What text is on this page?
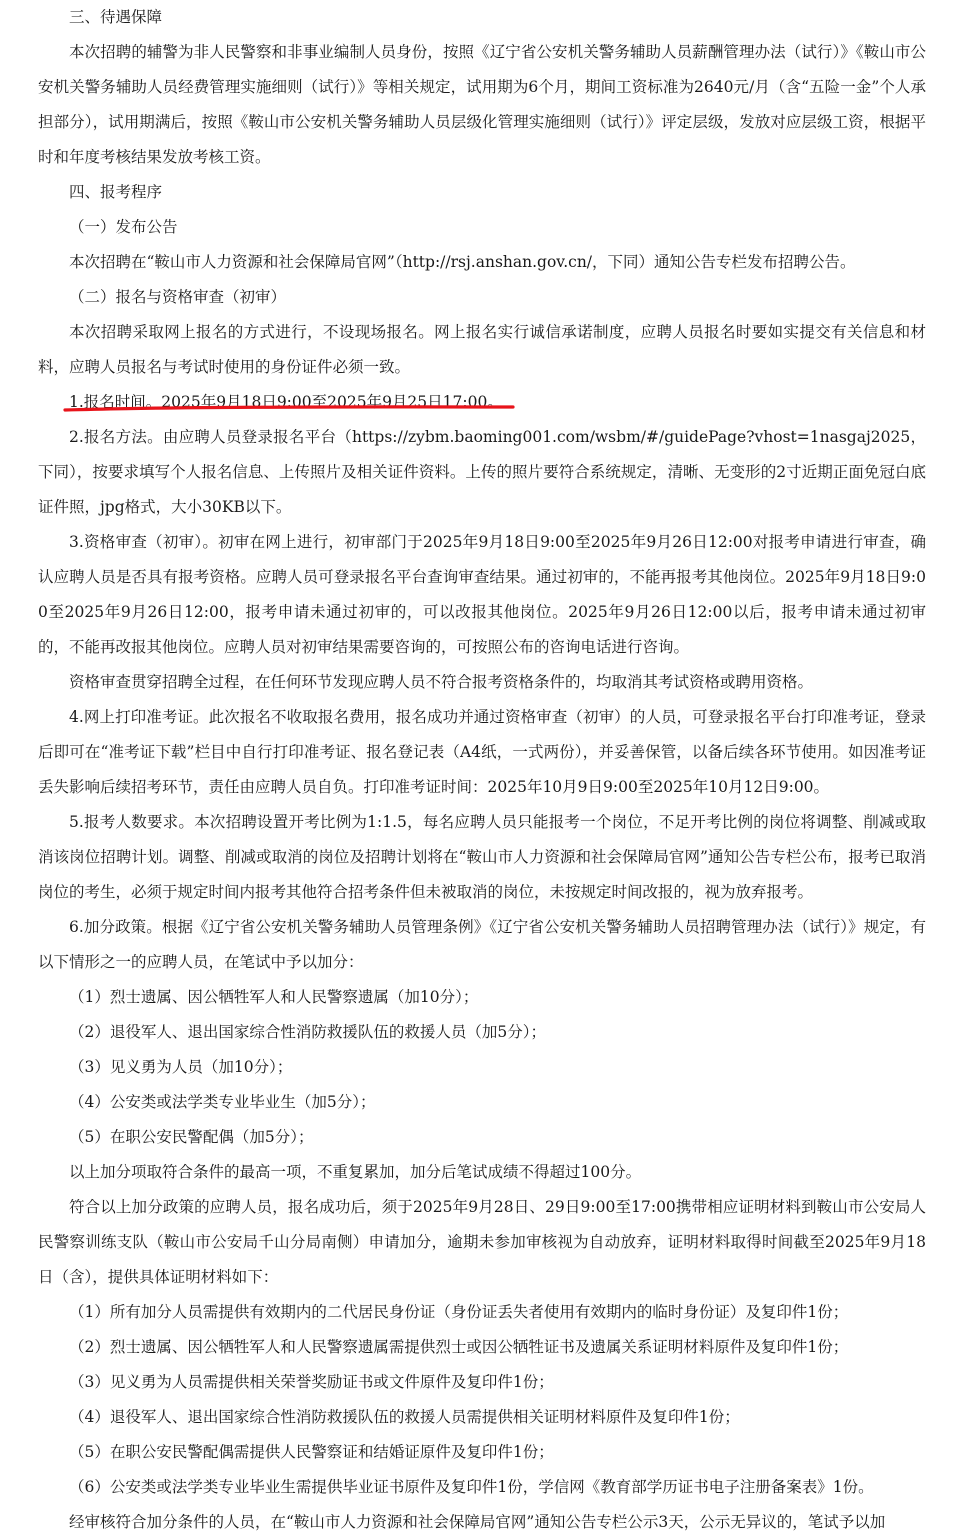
三、待遇保障

本次招聘的辅警为非人民警察和非事业编制人员身份，按照《辽宁省公安机关警务辅助人员薪酬管理办法（试行）》《鞍山市公安机关警务辅助人员经费管理实施细则（试行）》等相关规定，试用期为6个月，期间工资标准为2640元/月（含“五险一金”个人承担部分），试用期满后，按照《鞍山市公安机关警务辅助人员层级化管理实施细则（试行）》评定层级，发放对应层级工资，根据平时和年度考核结果发放考核工资。

四、报考程序

（一）发布公告

本次招聘在“鞍山市人力资源和社会保障局官网”（http://rsj.anshan.gov.cn/，下同）通知公告专栏发布招聘公告。

（二）报名与资格审查（初审）

本次招聘采取网上报名的方式进行，不设现场报名。网上报名实行诚信承诺制度，应聘人员报名时要如实提交有关信息和材料，应聘人员报名与考试时使用的身份证件必须一致。

1.报名时间。2025年9月18日9:00至2025年9月25日17:00。

2.报名方法。由应聘人员登录报名平台（https://zybm.baoming001.com/wsbm/#/guidePage?vhost=1nasgaj2025，下同），按要求填写个人报名信息、上传照片及相关证件资料。上传的照片要符合系统规定，清晰、无变形的2寸近期正面免冠白底证件照，jpg格式，大小30KB以下。

3.资格审查（初审）。初审在网上进行，初审部门于2025年9月18日9:00至2025年9月26日12:00对报考申请进行审查，确认应聘人员是否具有报考资格。应聘人员可登录报名平台查询审查结果。通过初审的，不能再报考其他岗位。2025年9月18日9:00至2025年9月26日12:00，报考申请未通过初审的，可以改报其他岗位。2025年9月26日12:00以后，报考申请未通过初审的，不能再改报其他岗位。应聘人员对初审结果需要咨询的，可按照公布的咨询电话进行咨询。

资格审查贯穿招聘全过程，在任何环节发现应聘人员不符合报考资格条件的，均取消其考试资格或聘用资格。

4.网上打印准考证。此次报名不收取报名费用，报名成功并通过资格审查（初审）的人员，可登录报名平台打印准考证，登录后即可在“准考证下载”栏目中自行打印准考证、报名登记表（A4纸，一式两份），并妥善保管，以备后续各环节使用。如因准考证丢失影响后续招考环节，责任由应聘人员自负。打印准考证时间：2025年10月9日9:00至2025年10月12日9:00。

5.报考人数要求。本次招聘设置开考比例为1:1.5，每名应聘人员只能报考一个岗位，不足开考比例的岗位将调整、削减或取消该岗位招聘计划。调整、削减或取消的岗位及招聘计划将在“鞍山市人力资源和社会保障局官网”通知公告专栏公布，报考已取消岗位的考生，必须于规定时间内报考其他符合招考条件但未被取消的岗位，未按规定时间改报的，视为放弃报考。

6.加分政策。根据《辽宁省公安机关警务辅助人员管理条例》《辽宁省公安机关警务辅助人员招聘管理办法（试行）》规定，有以下情形之一的应聘人员，在笔试中予以加分：

（1）烈士遗属、因公牺牲军人和人民警察遗属（加10分）；

（2）退役军人、退出国家综合性消防救援队伍的救援人员（加5分）；

（3）见义勇为人员（加10分）；

（4）公安类或法学类专业毕业生（加5分）；

（5）在职公安民警配偶（加5分）；

以上加分项取符合条件的最高一项，不重复累加，加分后笔试成绩不得超过100分。

符合以上加分政策的应聘人员，报名成功后，须于2025年9月28日、29日9:00至17:00携带相应证明材料到鞍山市公安局人民警察训练支队（鞍山市公安局千山分局南侧）申请加分，逾期未参加审核视为自动放弃，证明材料取得时间截至2025年9月18日（含），提供具体证明材料如下：

（1）所有加分人员需提供有效期内的二代居民身份证（身份证丢失者使用有效期内的临时身份证）及复印件1份；

（2）烈士遗属、因公牺牲军人和人民警察遗属需提供烈士或因公牺牲证书及遗属关系证明材料原件及复印件1份；

（3）见义勇为人员需提供相关荣誉奖励证书或文件原件及复印件1份；

（4）退役军人、退出国家综合性消防救援队伍的救援人员需提供相关证明材料原件及复印件1份；

（5）在职公安民警配偶需提供人民警察证和结婚证原件及复印件1份；

（6）公安类或法学类专业毕业生需提供毕业证书原件及复印件1份，学信网《教育部学历证书电子注册备案表》1份。

经审核符合加分条件的人员，在“鞍山市人力资源和社会保障局官网”通知公告专栏公示3天，公示无异议的，笔试予以加
